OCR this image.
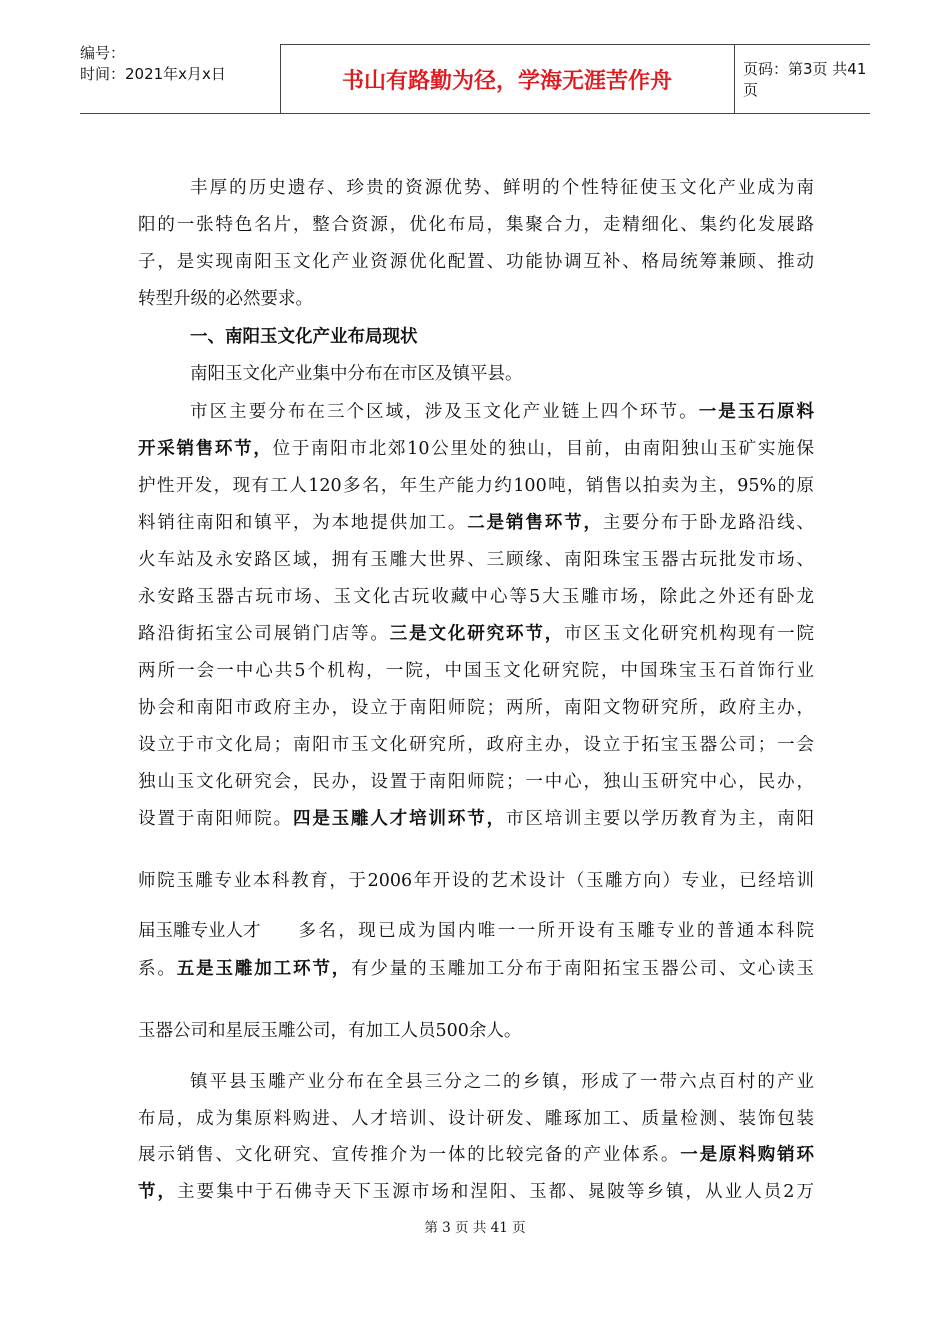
编号：
时间：2021年x月x日	书山有路勤为径，学海无涯苦作舟	页码：第3页 共41页
丰厚的历史遗存、珍贵的资源优势、鲜明的个性特征使玉文化产业成为南
阳的一张特色名片，整合资源，优化布局，集聚合力，走精细化、集约化发展路
子，是实现南阳玉文化产业资源优化配置、功能协调互补、格局统筹兼顾、推动
转型升级的必然要求。
一、南阳玉文化产业布局现状
南阳玉文化产业集中分布在市区及镇平县。
市区主要分布在三个区域，涉及玉文化产业链上四个环节。一是玉石原料
开采销售环节，位于南阳市北郊10公里处的独山，目前，由南阳独山玉矿实施保
护性开发，现有工人120多名，年生产能力约100吨，销售以拍卖为主，95%的原
料销往南阳和镇平，为本地提供加工。二是销售环节，主要分布于卧龙路沿线、
火车站及永安路区域，拥有玉雕大世界、三顾缘、南阳珠宝玉器古玩批发市场、
永安路玉器古玩市场、玉文化古玩收藏中心等5大玉雕市场，除此之外还有卧龙
路沿街拓宝公司展销门店等。三是文化研究环节，市区玉文化研究机构现有一院
两所一会一中心共5个机构，一院，中国玉文化研究院，中国珠宝玉石首饰行业
协会和南阳市政府主办，设立于南阳师院；两所，南阳文物研究所，政府主办，
设立于市文化局；南阳市玉文化研究所，政府主办，设立于拓宝玉器公司；一会
独山玉文化研究会，民办，设置于南阳师院；一中心，独山玉研究中心，民办，
设置于南阳师院。四是玉雕人才培训环节，市区培训主要以学历教育为主，南阳
师院玉雕专业本科教育，于2006年开设的艺术设计（玉雕方向）专业，已经培训
届玉雕专业人才 多名，现已成为国内唯一一所开设有玉雕专业的普通本科院
系。五是玉雕加工环节，有少量的玉雕加工分布于南阳拓宝玉器公司、文心读玉
玉器公司和星辰玉雕公司，有加工人员500余人。
镇平县玉雕产业分布在全县三分之二的乡镇，形成了一带六点百村的产业
布局，成为集原料购进、人才培训、设计研发、雕琢加工、质量检测、装饰包装
展示销售、文化研究、宣传推介为一体的比较完备的产业体系。一是原料购销环
节，主要集中于石佛寺天下玉源市场和涅阳、玉都、晁陂等乡镇，从业人员2万
第 3 页 共 41 页
